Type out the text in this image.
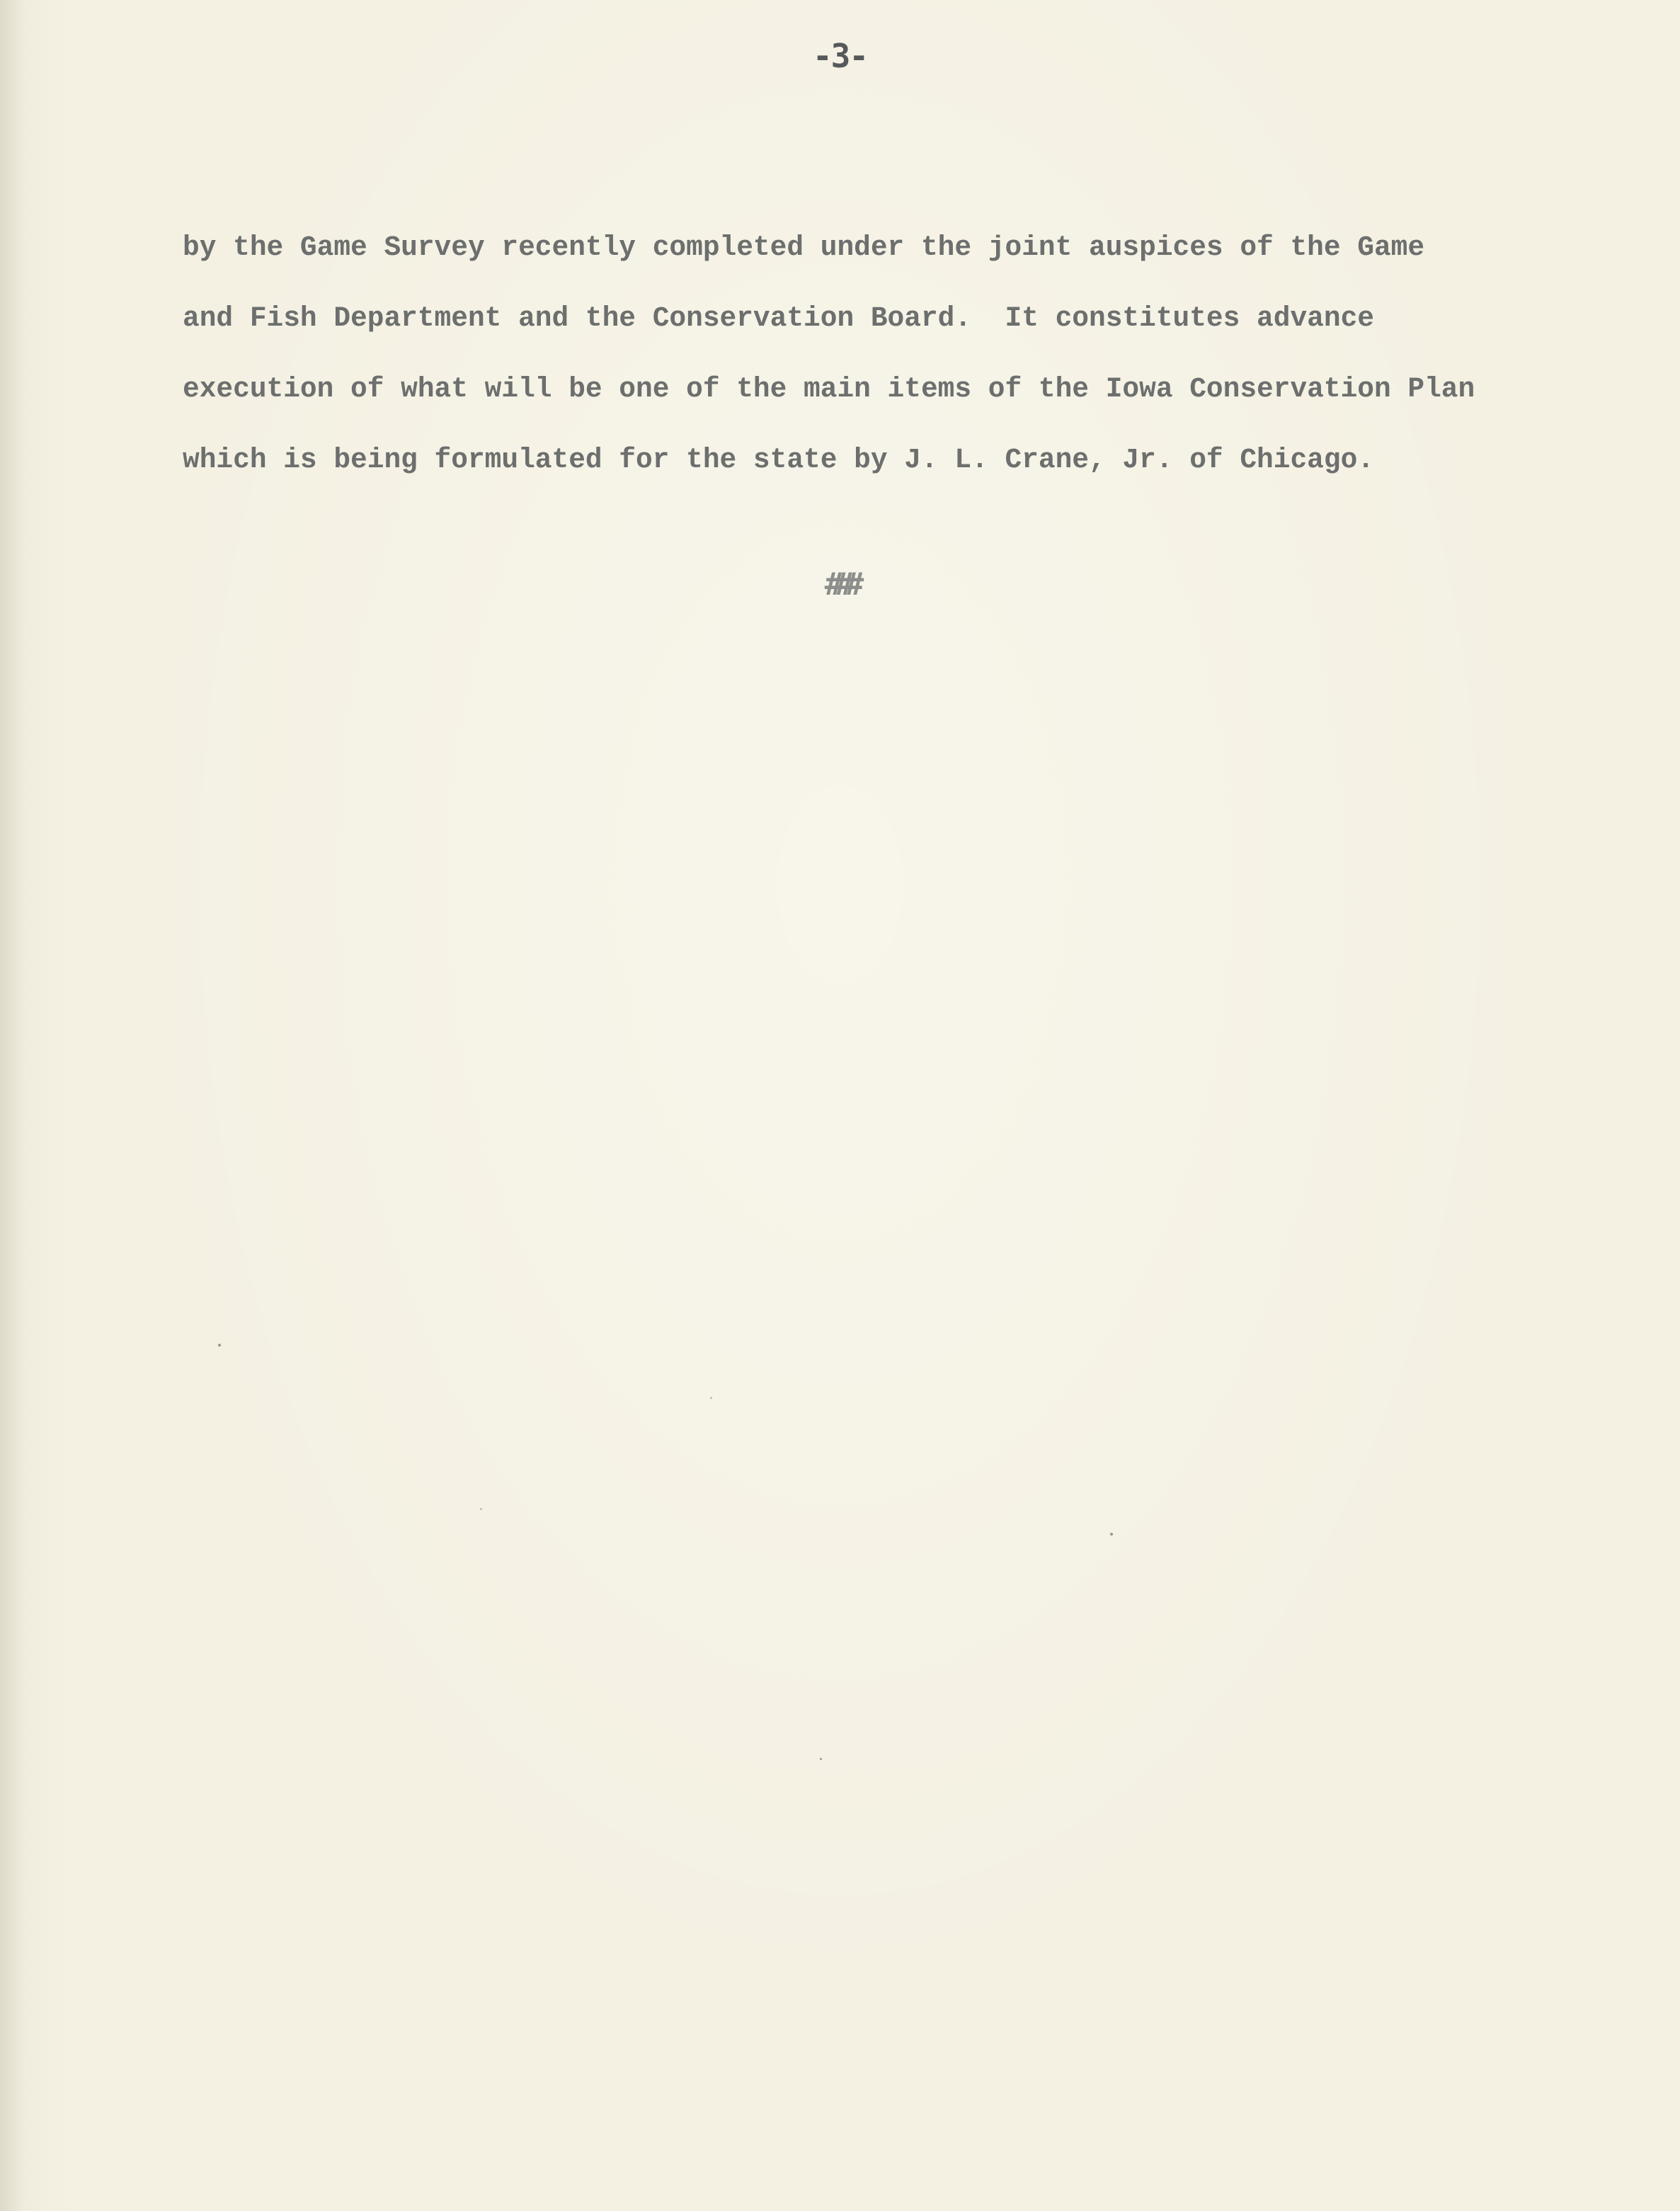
-3-
by the Game Survey recently completed under the joint auspices of the Game
and Fish Department and the Conservation Board.  It constitutes advance
execution of what will be one of the main items of the Iowa Conservation Plan
which is being formulated for the state by J. L. Crane, Jr. of Chicago.
###
